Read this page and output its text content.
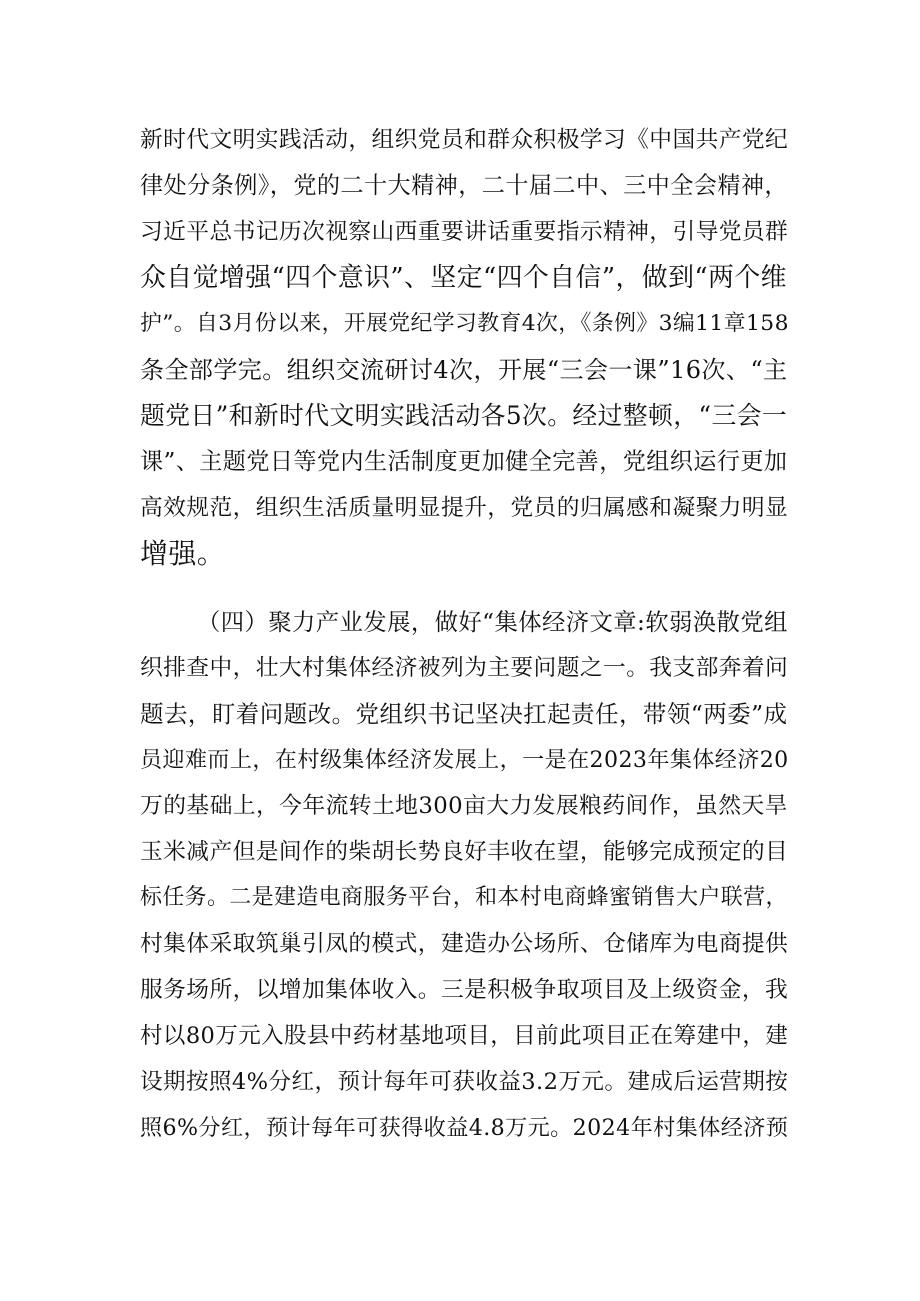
新时代文明实践活动，组织党员和群众积极学习《中国共产党纪
律处分条例》，党的二十大精神，二十届二中、三中全会精神，
习近平总书记历次视察山西重要讲话重要指示精神，引导党员群
众自觉增强“四个意识”、坚定“四个自信”，做到“两个维
护”。自3月份以来，开展党纪学习教育4次，《条例》3编11章158
条全部学完。组织交流研讨4次，开展“三会一课”16次、“主
题党日”和新时代文明实践活动各5次。经过整顿，“三会一
课”、主题党日等党内生活制度更加健全完善，党组织运行更加
高效规范，组织生活质量明显提升，党员的归属感和凝聚力明显
增强。
（四）聚力产业发展，做好“集体经济文章:软弱涣散党组
织排查中，壮大村集体经济被列为主要问题之一。我支部奔着问
题去，盯着问题改。党组织书记坚决扛起责任，带领“两委”成
员迎难而上，在村级集体经济发展上，一是在2023年集体经济20
万的基础上，今年流转土地300亩大力发展粮药间作，虽然天旱
玉米减产但是间作的柴胡长势良好丰收在望，能够完成预定的目
标任务。二是建造电商服务平台，和本村电商蜂蜜销售大户联营，
村集体采取筑巢引凤的模式，建造办公场所、仓储库为电商提供
服务场所，以增加集体收入。三是积极争取项目及上级资金，我
村以80万元入股县中药材基地项目，目前此项目正在筹建中，建
设期按照4%分红，预计每年可获收益3.2万元。建成后运营期按
照6%分红，预计每年可获得收益4.8万元。2024年村集体经济预
